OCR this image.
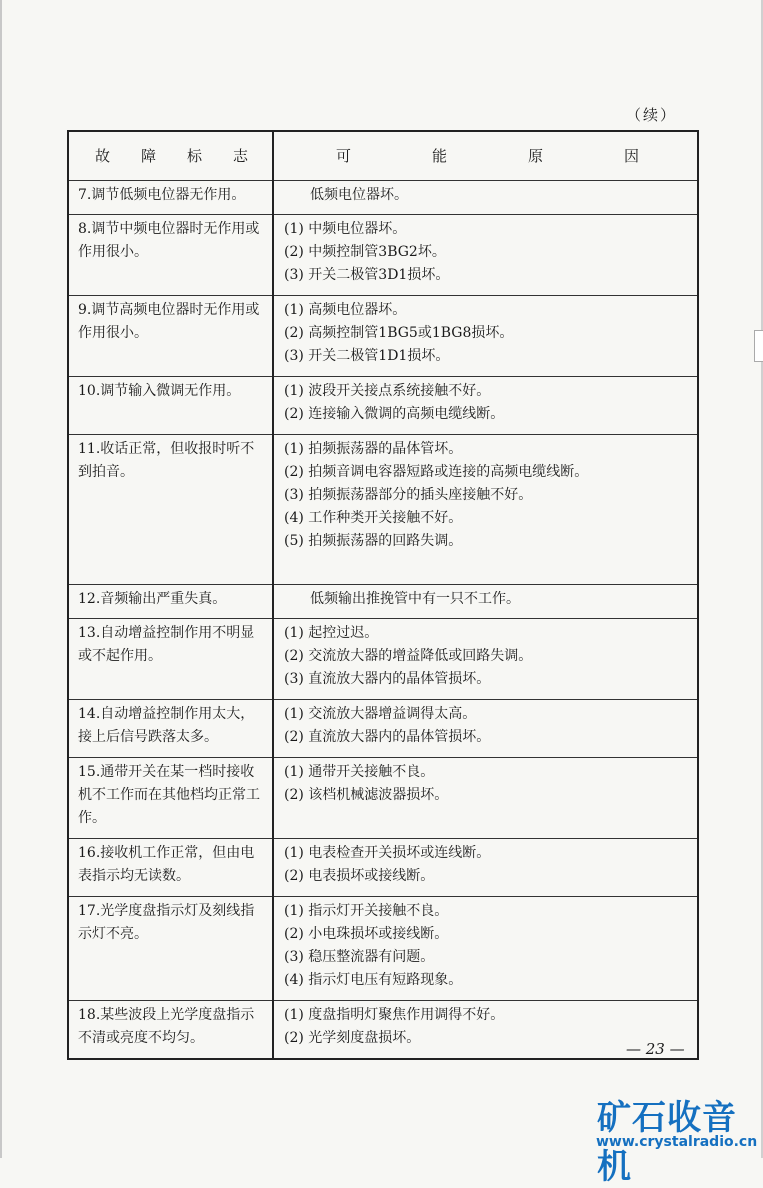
（续）
故 障 标 志	可 能 原 因

7.调节低频电位器无作用。	低频电位器坏。

8.调节中频电位器时无作用或作用很小。	(1) 中频电位器坏。
(2) 中频控制管3BG2坏。
(3) 开关二极管3D1损坏。

9.调节高频电位器时无作用或作用很小。	(1) 高频电位器坏。
(2) 高频控制管1BG5或1BG8损坏。
(3) 开关二极管1D1损坏。

10.调节输入微调无作用。	(1) 波段开关接点系统接触不好。
(2) 连接输入微调的高频电缆线断。

11.收话正常，但收报时听不到拍音。	(1) 拍频振荡器的晶体管坏。
(2) 拍频音调电容器短路或连接的高频电缆线断。
(3) 拍频振荡器部分的插头座接触不好。
(4) 工作种类开关接触不好。
(5) 拍频振荡器的回路失调。

12.音频输出严重失真。	低频输出推挽管中有一只不工作。

13.自动增益控制作用不明显或不起作用。	(1) 起控过迟。
(2) 交流放大器的增益降低或回路失调。
(3) 直流放大器内的晶体管损坏。

14.自动增益控制作用太大，接上后信号跌落太多。	(1) 交流放大器增益调得太高。
(2) 直流放大器内的晶体管损坏。

15.通带开关在某一档时接收机不工作而在其他档均正常工作。	(1) 通带开关接触不良。
(2) 该档机械滤波器损坏。

16.接收机工作正常，但由电表指示均无读数。	(1) 电表检查开关损坏或连线断。
(2) 电表损坏或接线断。

17.光学度盘指示灯及刻线指示灯不亮。	(1) 指示灯开关接触不良。
(2) 小电珠损坏或接线断。
(3) 稳压整流器有问题。
(4) 指示灯电压有短路现象。

18.某些波段上光学度盘指示不清或亮度不均匀。	(1) 度盘指明灯聚焦作用调得不好。
(2) 光学刻度盘损坏。
— 23 —
矿石收音机
www.crystalradio.cn
